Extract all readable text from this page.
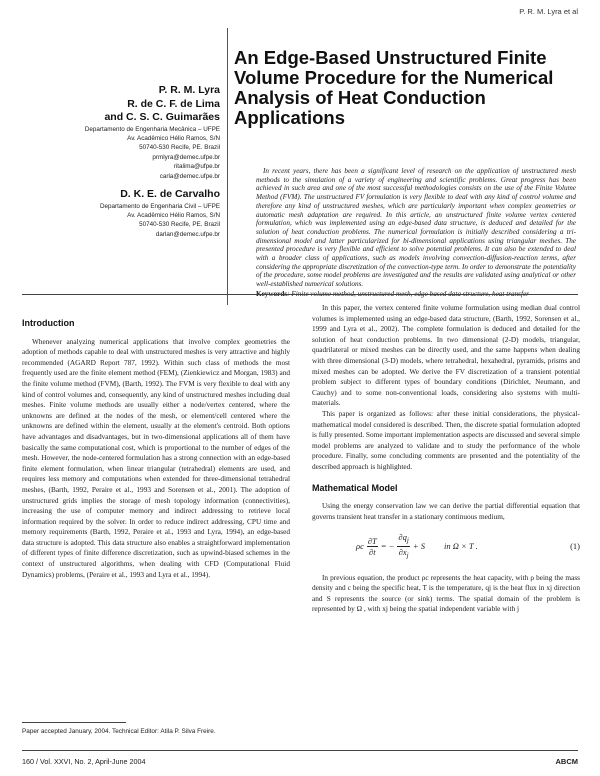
P. R. M. Lyra et al
P. R. M. Lyra
R. de C. F. de Lima
and C. S. C. Guimarães
Departamento de Engenharia Mecânica – UFPE
Av. Acadêmico Hélio Ramos, S/N
50740-530 Recife, PE. Brazil
prmlyra@demec.ufpe.br
ritalima@ufpe.br
carla@demec.ufpe.br
D. K. E. de Carvalho
Departamento de Engenharia Civil – UFPE
Av. Acadêmico Hélio Ramos, S/N
50740-530 Recife, PE. Brazil
darlan@demec.ufpe.br
An Edge-Based Unstructured Finite Volume Procedure for the Numerical Analysis of Heat Conduction Applications

In recent years, there has been a significant level of research on the application of unstructured mesh methods to the simulation of a variety of engineering and scientific problems. Great progress has been achieved in such area and one of the most successful methodologies consists on the use of the Finite Volume Method (FVM). The unstructured FV formulation is very flexible to deal with any kind of control volume and therefore any kind of unstructured meshes, which are particularly important when complex geometries or automatic mesh adaptation are required. In this article, an unstructured finite volume vertex centered formulation, which was implemented using an edge-based data structure, is deduced and detailed for the solution of heat conduction problems. The numerical formulation is initially described considering a tri-dimensional model and latter particularized for bi-dimensional applications using triangular meshes. The presented procedure is very flexible and efficient to solve potential problems. It can also be extended to deal with a broader class of applications, such as models involving convection-diffusion-reaction terms, after considering the appropriate discretization of the convection-type term. In order to demonstrate the potentiality of the procedure, some model problems are investigated and the results are validated using analytical or other well-established numerical solutions.

Introduction

Whenever analyzing numerical applications that involve complex geometries the adoption of methods capable to deal with unstructured meshes is very attractive and highly recommended (AGARD Report 787, 1992). Within such class of methods the most frequently used are the finite element method (FEM), (Zienkiewicz and Morgan, 1983) and the finite volume method (FVM), (Barth, 1992). The FVM is very flexible to deal with any kind of control volumes and, consequently, any kind of unstructured meshes including dual meshes. Finite volume methods are usually either a node/vertex centered, where the unknowns are defined at the nodes of the mesh, or element/cell centered where the unknowns are defined within the element, usually at the element's centroid. Both options have advantages and disadvantages, but in two-dimensional applications all of them have basically the same computational cost, which is proportional to the number of edges of the mesh. However, the node-centered formulation has a strong connection with an edge-based finite element formulation, when linear triangular (tetrahedral) elements are used, and requires less memory and computations when extended for three-dimensional tetrahedral meshes, (Barth, 1992, Peraire et al., 1993 and Sorensen et al., 2001). The adoption of unstructured grids implies the storage of mesh topology information (connectivities), increasing the use of computer memory and indirect addressing to retrieve local information required by the solver. In order to reduce indirect addressing, CPU time and memory requirements (Barth, 1992, Peraire et al., 1993 and Lyra, 1994), an edge-based data structure is adopted. This data structure also enables a straightforward implementation of different types of finite difference discretization, such as upwind-biased schemes in the context of unstructured algorithms, when dealing with CFD (Computational Fluid Dynamics) problems, (Peraire et al., 1993 and Lyra et al., 1994).

In this paper, the vertex centered finite volume formulation using median dual control volumes is implemented using an edge-based data structure, (Barth, 1992, Sorensen et al., 1999 and Lyra et al., 2002). The complete formulation is deduced and detailed for the solution of heat conduction problems. In two dimensional (2-D) models, triangular, quadrilateral or mixed meshes can be directly used, and the same happens when dealing with three dimensional (3-D) models, where tetrahedral, hexahedral, pyramids, prisms and mixed meshes can be adopted. We derive the FV discretization of a transient potential problem subject to different types of boundary conditions (Dirichlet, Neumann, and Cauchy) and to some non-conventional loads, considering also systems with multi-materials.

This paper is organized as follows: after these initial considerations, the physical-mathematical model considered is described. Then, the discrete spatial formulation adopted is fully presented. Some important implementation aspects are discussed and several simple model problems are analyzed to validate and to study the performance of the whole procedure. Finally, some concluding comments are presented and the potentiality of the described approach is highlighted.

Mathematical Model

Using the energy conservation law we can derive the partial differential equation that governs transient heat transfer in a stationary continuous medium,

ρc $\frac{\partial T}{\partial t}$ = − $\frac{\partial q_j}{\partial x_j} + S$ in Ω × T .	(1)

In previous equation, the product ρc represents the heat capacity, with ρ being the mass density and c being the specific heat, T is the temperature, qj is the heat flux in xj direction and S represents the source (or sink) terms. The spatial domain of the problem is represented by Ω , with xj being the spatial independent variable with j

Paper accepted January, 2004. Technical Editor: Atila P. Silva Freire.
160 / Vol. XXVI, No. 2, April-June 2004	ABCM
